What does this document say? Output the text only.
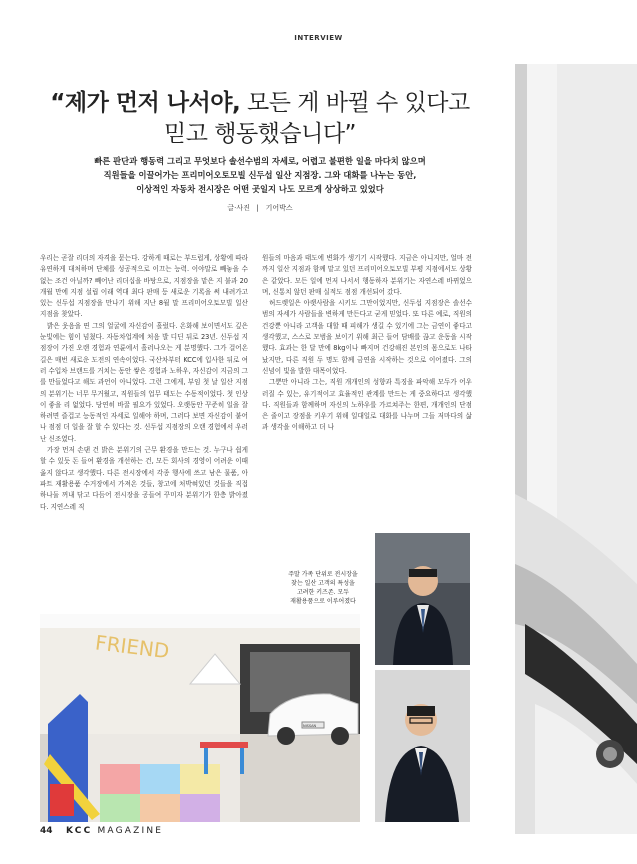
INTERVIEW
“제가 먼저 나서야, 모든 게 바뀔 수 있다고
믿고 행동했습니다”
빠른 판단과 행동력 그리고 무엇보다 솔선수범의 자세로, 어렵고 불편한 일을 마다치 않으며
직원들을 이끌어가는 프리미어오토모빌 신두섭 일산 지점장. 그와 대화를 나누는 동안,
이상적인 자동차 전시장은 어떤 곳일지 나도 모르게 상상하고 있었다
글·사진 | 기어박스

우리는 곧잘 리더의 자격을 묻는다. 강하게 때로는 부드럽게, 상황에 따라 유연하게 대처하며 단체를 성공적으로 이끄는 능력. 이야말로 빼놓을 수 없는 조건 아닐까? 빼어난 리더십을 바탕으로, 지점장을 맡은 지 불과 20개월 만에 지점 설립 이래 역대 최다 판매 등 새로운 기록을 써 내려가고 있는 신두섭 지점장을 만나기 위해 지난 8월 말 프리미어오토모빌 일산 지점을 찾았다.

밝은 웃음을 띤 그의 얼굴에 자신감이 흘렀다. 온화해 보이면서도 깊은 눈빛에는 힘이 넘쳤다. 자동차업계에 처음 발 디딘 뒤로 23년. 신두섭 지점장이 가진 오랜 경험과 연륜에서 흘러나오는 게 분명했다. 그가 걸어온 길은 매번 새로운 도전의 연속이었다. 국산차부터 KCC에 입사한 뒤로 여러 수입차 브랜드를 거치는 동안 쌓은 경험과 노하우, 자신감이 지금의 그를 만들었다고 해도 과언이 아니었다. 그런 그에게, 부임 첫 날 일산 지점의 분위기는 너무 무거웠고, 직원들의 업무 태도는 수동적이었다. 첫 인상이 좋을 리 없었다. 당연히 바꿀 필요가 있었다. 오랫동안 꾸준히 일을 잘 하려면 즐겁고 능동적인 자세로 일해야 하며, 그러다 보면 자신감이 붙어나 점점 더 일을 잘 할 수 있다는 것. 신두섭 지점장의 오랜 경험에서 우러난 신조였다.

가장 먼저 손댄 건 밝은 분위기의 근무 환경을 만드는 것. 누구나 쉽게 할 수 있듯 돈 들여 환경을 개선하는 건, 모든 회사의 경영이 어려운 이때 옳지 않다고 생각했다. 다른 전시장에서 각종 행사에 쓰고 남은 물품, 아파트 재활용품 수거장에서 가져온 것들, 창고에 처박혀있던 것들을 직접 하나둘 꺼내 닦고 다듬어 전시장을 공들여 꾸미자 분위기가 한층 밝아졌다. 지연스레 직

원들의 마음과 태도에 변화가 생기기 시작했다. 지금은 아니지만, 얼마 전까지 일산 지점과 함께 맡고 있던 프리미어오토모빌 부평 지점에서도 상황은 같았다. 모든 일에 먼저 나서서 행동하자 분위기는 자연스레 바뀌었으며, 신통치 않던 판매 실적도 점점 개선되어 갔다.

허드렛일은 아랫사람을 시키도 그만이었지만, 신두섭 지점장은 솔선수범의 자세가 사람들을 변하게 만든다고 굳게 믿었다. 또 다른 예로, 직원의 건강뿐 아니라 고객을 대할 때 피해가 생길 수 있기에 그는 금연이 좋다고 생각했고, 스스로 모범을 보이기 위해 최근 들어 담배를 끊고 운동을 시작했다. 효과는 한 달 만에 8kg이나 빠지며 건강해진 본인의 몸으로도 나타났지만, 다른 직원 두 명도 함께 금연을 시작하는 것으로 이어졌다. 그의 신념이 빛을 발한 대목이었다.

그뿐만 아니라 그는, 직원 개개인의 성향과 특징을 파악해 모두가 어우러질 수 있는, 유기적이고 효율적인 관계를 만드는 게 중요하다고 생각했다. 직원들과 함께하며 자신의 노하우를 가르쳐주는 한편, 개개인의 단점은 줄이고 장점을 키우기 위해 일대일로 대화를 나누며 그들 저마다의 삶과 생각을 이해하고 더 나

주말 가족 단위로 전시장을
찾는 일산 고객의 특성을
고려한 키즈존. 모두
재활용품으로 이루어졌다
FRIEND
NISSAN
44 KCC MAGAZINE
